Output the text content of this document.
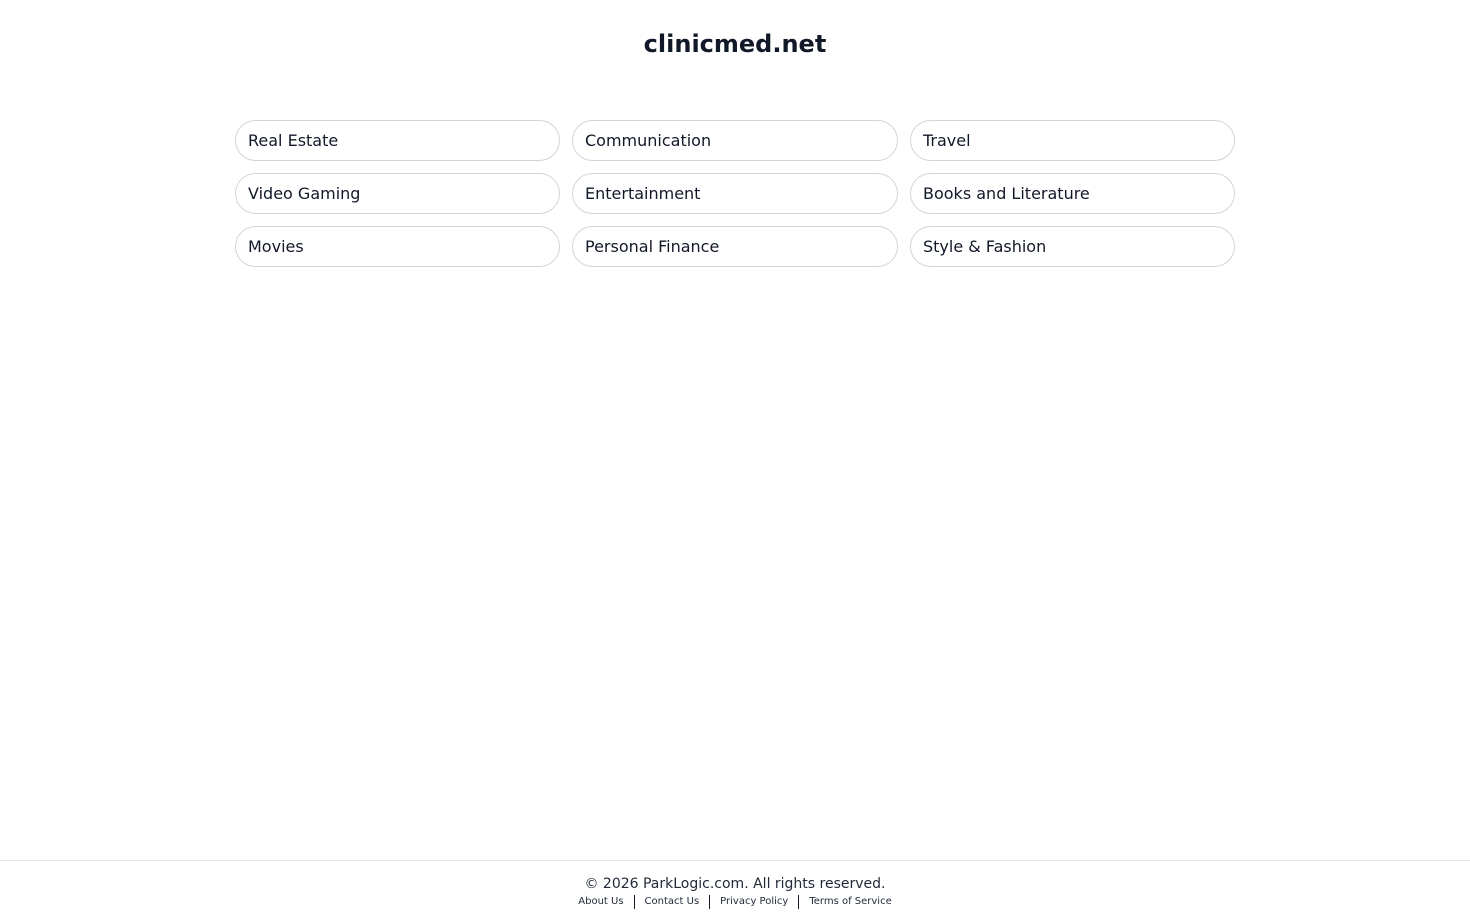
clinicmed.net
Real Estate	Communication	Travel
Video Gaming	Entertainment	Books and Literature
Movies	Personal Finance	Style & Fashion
© 2026 ParkLogic.com. All rights reserved.
About Us	Contact Us	Privacy Policy	Terms of Service
